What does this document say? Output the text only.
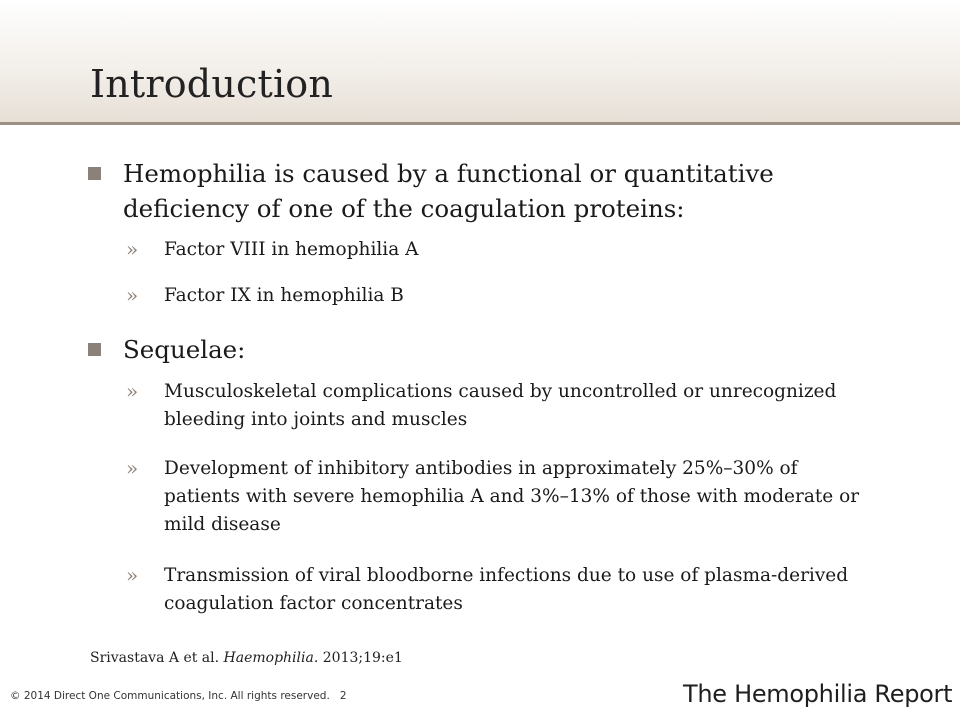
Introduction
Hemophilia is caused by a functional or quantitative deficiency of one of the coagulation proteins:
» Factor VIII in hemophilia A
» Factor IX in hemophilia B
Sequelae:
» Musculoskeletal complications caused by uncontrolled or unrecognized bleeding into joints and muscles
» Development of inhibitory antibodies in approximately 25%–30% of patients with severe hemophilia A and 3%–13% of those with moderate or mild disease
» Transmission of viral bloodborne infections due to use of plasma-derived coagulation factor concentrates
Srivastava A et al. Haemophilia. 2013;19:e1
© 2014 Direct One Communications, Inc. All rights reserved. 2	The Hemophilia Report
